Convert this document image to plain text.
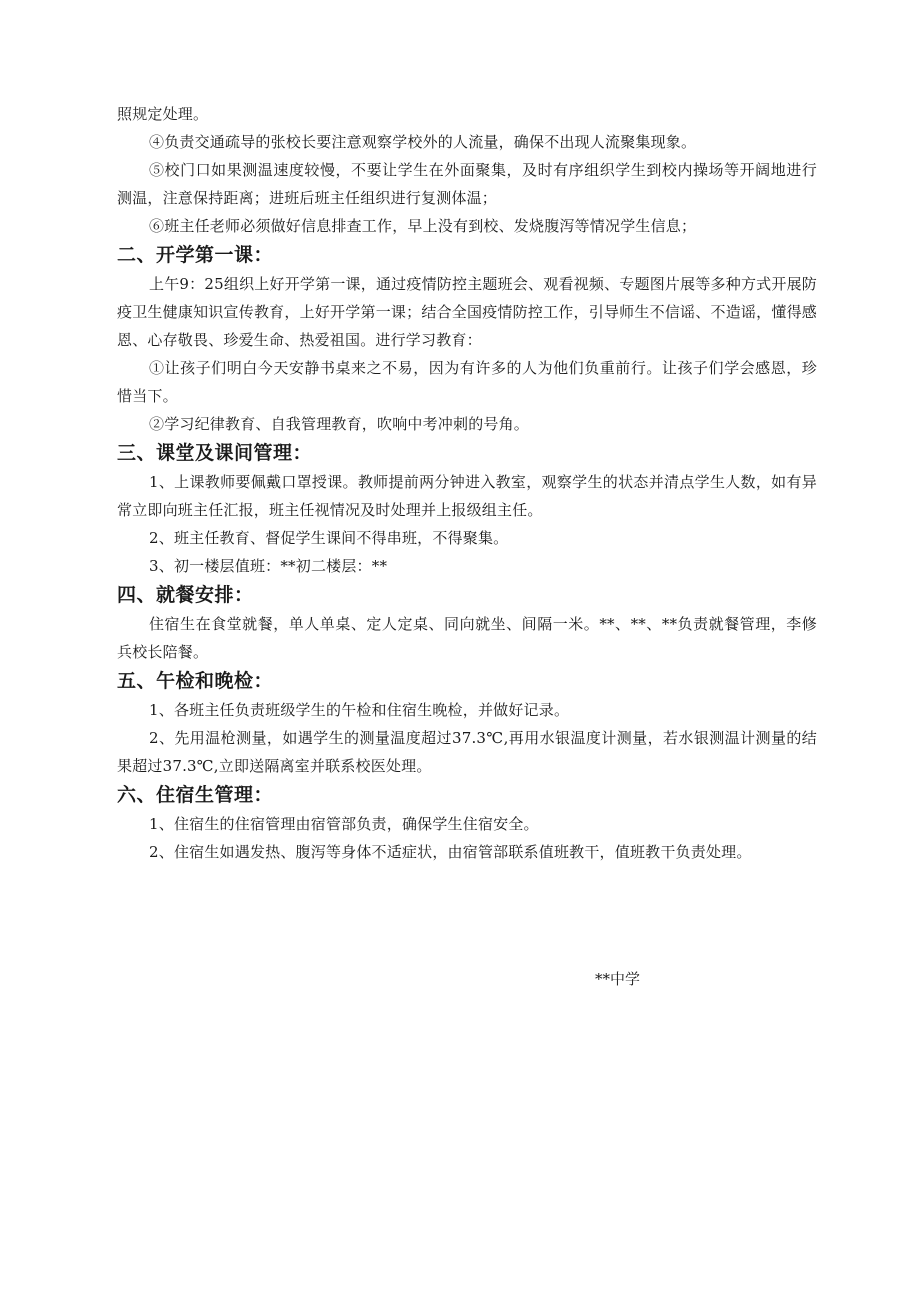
照规定处理。

④负责交通疏导的张校长要注意观察学校外的人流量，确保不出现人流聚集现象。

⑤校门口如果测温速度较慢，不要让学生在外面聚集，及时有序组织学生到校内操场等开阔地进行测温，注意保持距离；进班后班主任组织进行复测体温；

⑥班主任老师必须做好信息排查工作，早上没有到校、发烧腹泻等情况学生信息；

二、开学第一课：

上午9：25组织上好开学第一课，通过疫情防控主题班会、观看视频、专题图片展等多种方式开展防疫卫生健康知识宣传教育，上好开学第一课；结合全国疫情防控工作，引导师生不信谣、不造谣，懂得感恩、心存敬畏、珍爱生命、热爱祖国。进行学习教育：

①让孩子们明白今天安静书桌来之不易，因为有许多的人为他们负重前行。让孩子们学会感恩，珍惜当下。

②学习纪律教育、自我管理教育，吹响中考冲刺的号角。

三、课堂及课间管理：

1、上课教师要佩戴口罩授课。教师提前两分钟进入教室，观察学生的状态并清点学生人数，如有异常立即向班主任汇报，班主任视情况及时处理并上报级组主任。

2、班主任教育、督促学生课间不得串班，不得聚集。

3、初一楼层值班：**初二楼层：**

四、就餐安排：

住宿生在食堂就餐，单人单桌、定人定桌、同向就坐、间隔一米。**、**、**负责就餐管理，李修兵校长陪餐。

五、午检和晚检：

1、各班主任负责班级学生的午检和住宿生晚检，并做好记录。

2、先用温枪测量，如遇学生的测量温度超过37.3℃,再用水银温度计测量，若水银测温计测量的结果超过37.3℃,立即送隔离室并联系校医处理。

六、住宿生管理：

1、住宿生的住宿管理由宿管部负责，确保学生住宿安全。

2、住宿生如遇发热、腹泻等身体不适症状，由宿管部联系值班教干，值班教干负责处理。

**中学
